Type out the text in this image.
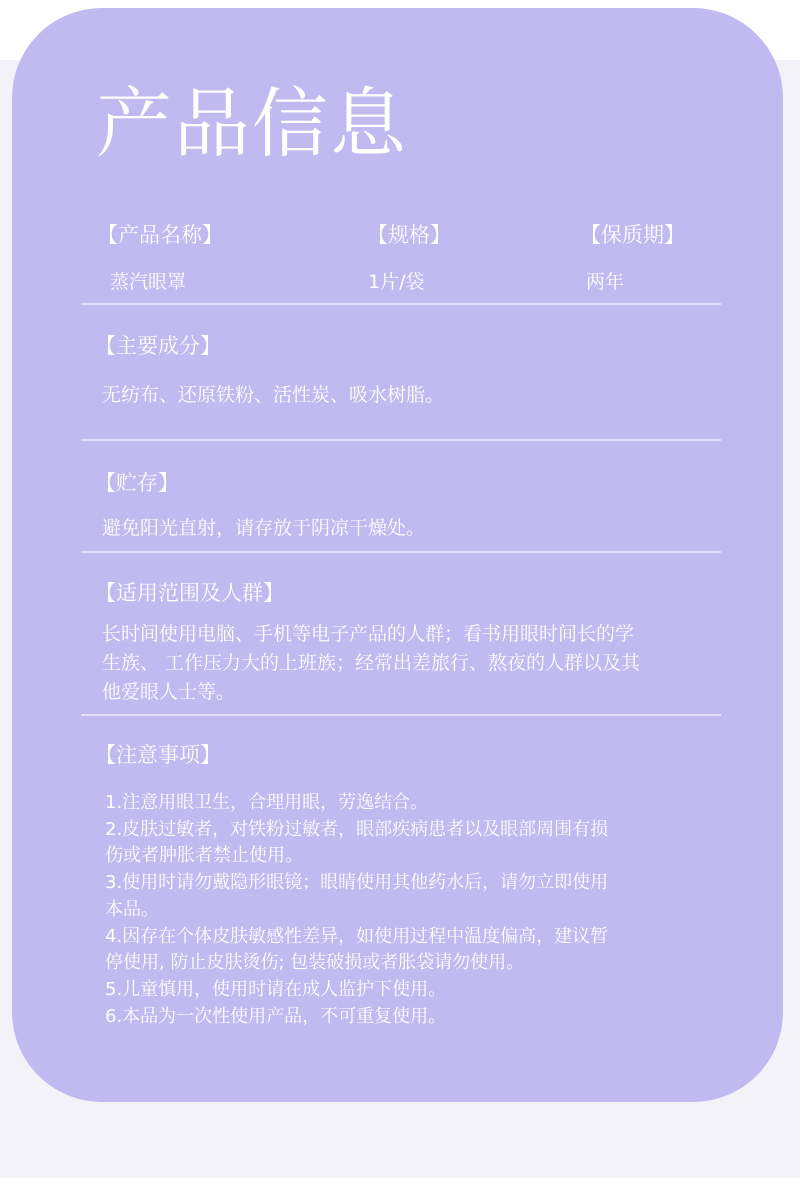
产品信息
【产品名称】	【规格】	【保质期】
蒸汽眼罩	1片/袋	两年
【主要成分】
无纺布、还原铁粉、活性炭、吸水树脂。
【贮存】
避免阳光直射，请存放于阴凉干燥处。
【适用范围及人群】
长时间使用电脑、手机等电子产品的人群；看书用眼时间长的学
生族、 工作压力大的上班族；经常出差旅行、熬夜的人群以及其
他爱眼人士等。
【注意事项】
1.注意用眼卫生，合理用眼，劳逸结合。
2.皮肤过敏者，对铁粉过敏者，眼部疾病患者以及眼部周围有损
伤或者肿胀者禁止使用。
3.使用时请勿戴隐形眼镜；眼睛使用其他药水后，请勿立即使用
本品。
4.因存在个体皮肤敏感性差异，如使用过程中温度偏高，建议暂
停使用, 防止皮肤烫伤; 包装破损或者胀袋请勿使用。
5.儿童慎用，使用时请在成人监护下使用。
6.本品为一次性使用产品，不可重复使用。
